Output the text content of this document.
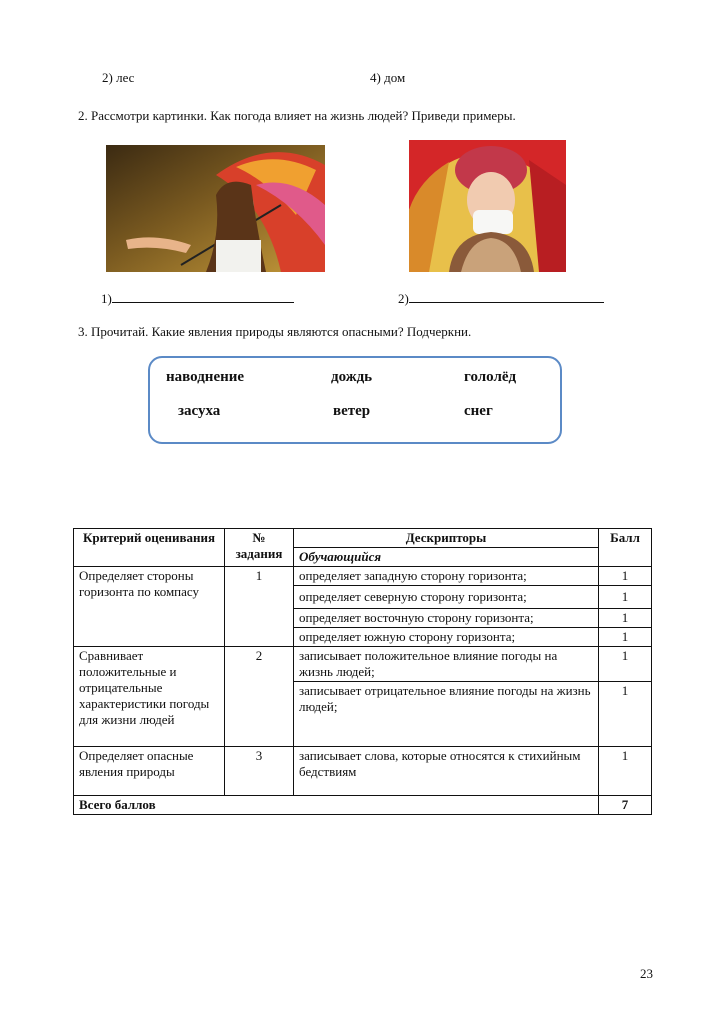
2) лес	4) дом
2. Рассмотри картинки. Как погода влияет на жизнь людей? Приведи примеры.
1)	2)
3. Прочитай. Какие явления природы являются опасными? Подчеркни.
наводнение	дождь	гололёд
засуха	ветер	снег
Критерий оценивания	№ задания	Дескрипторы	Балл
		Обучающийся	
Определяет стороны горизонта по компасу	1	определяет западную сторону горизонта;	1
		определяет северную сторону горизонта;	1
		определяет восточную сторону горизонта;	1
		определяет южную сторону горизонта;	1
Сравнивает положительные и отрицательные характеристики погоды для жизни людей	2	записывает положительное влияние погоды на жизнь людей;	1
		записывает отрицательное влияние погоды на жизнь людей;	1
Определяет опасные явления природы	3	записывает слова, которые относятся к стихийным бедствиям	1
Всего баллов			7
23
